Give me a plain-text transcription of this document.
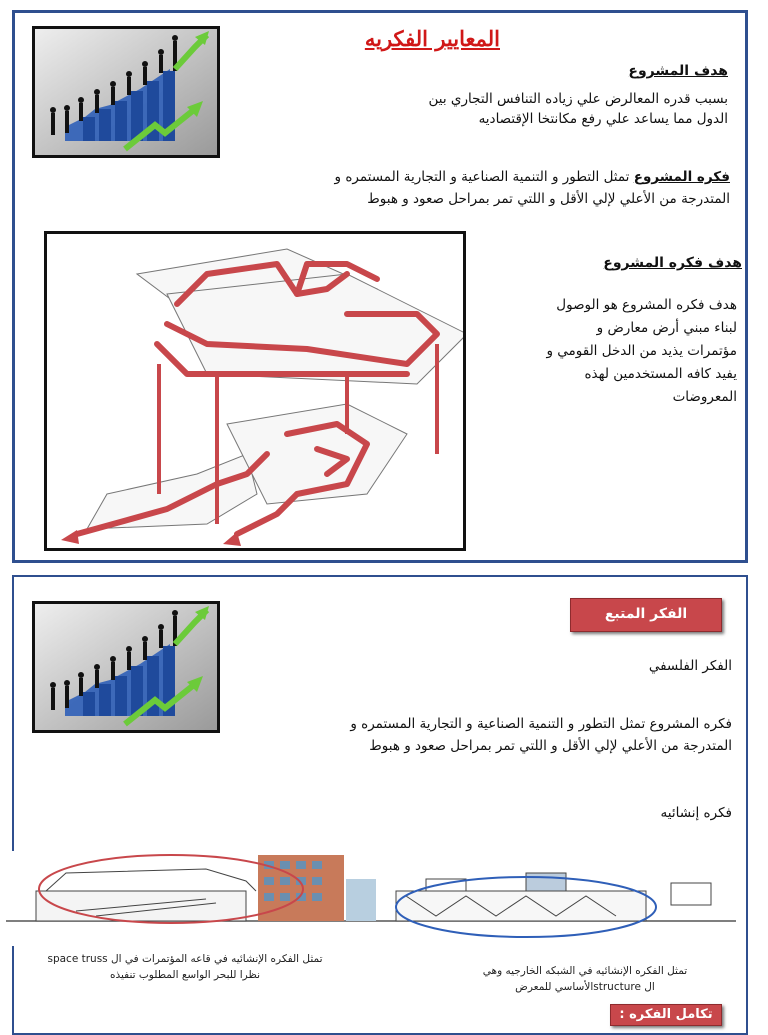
المعايير الفكريه
هدف المشروع
بسبب قدره المعالرض علي زياده التنافس التجاري بين
الدول مما يساعد علي رفع مكانتخا الإقتصاديه
فكره المشروع تمثل التطور و التنمية الصناعية و التجارية المستمره و
المتدرجة من الأعلي لإلي الأقل و اللتي تمر بمراحل صعود و هبوط
هدف فكره المشروع
هدف فكره المشروع هو الوصول
لبناء مبني أرض معارض و
مؤتمرات يذيد من الدخل القومي و
يفيد كافه المستخدمين لهذه
المعروضات
الفكر المتبع
الفكر الفلسفي
فكره المشروع تمثل التطور و التنمية الصناعية و التجارية المستمره و
المتدرجة من الأعلي لإلي الأقل و اللتي تمر بمراحل صعود و هبوط
فكره إنشائيه
تمثل الفكره الإنشائيه في قاعه المؤتمرات في ال space truss
نظرا للبحر الواسع المطلوب تنفيذه	تمثل الفكره الإنشائيه في الشبكه الخارجيه وهي
ال structureالأساسي للمعرض
تكامل الفكره :
